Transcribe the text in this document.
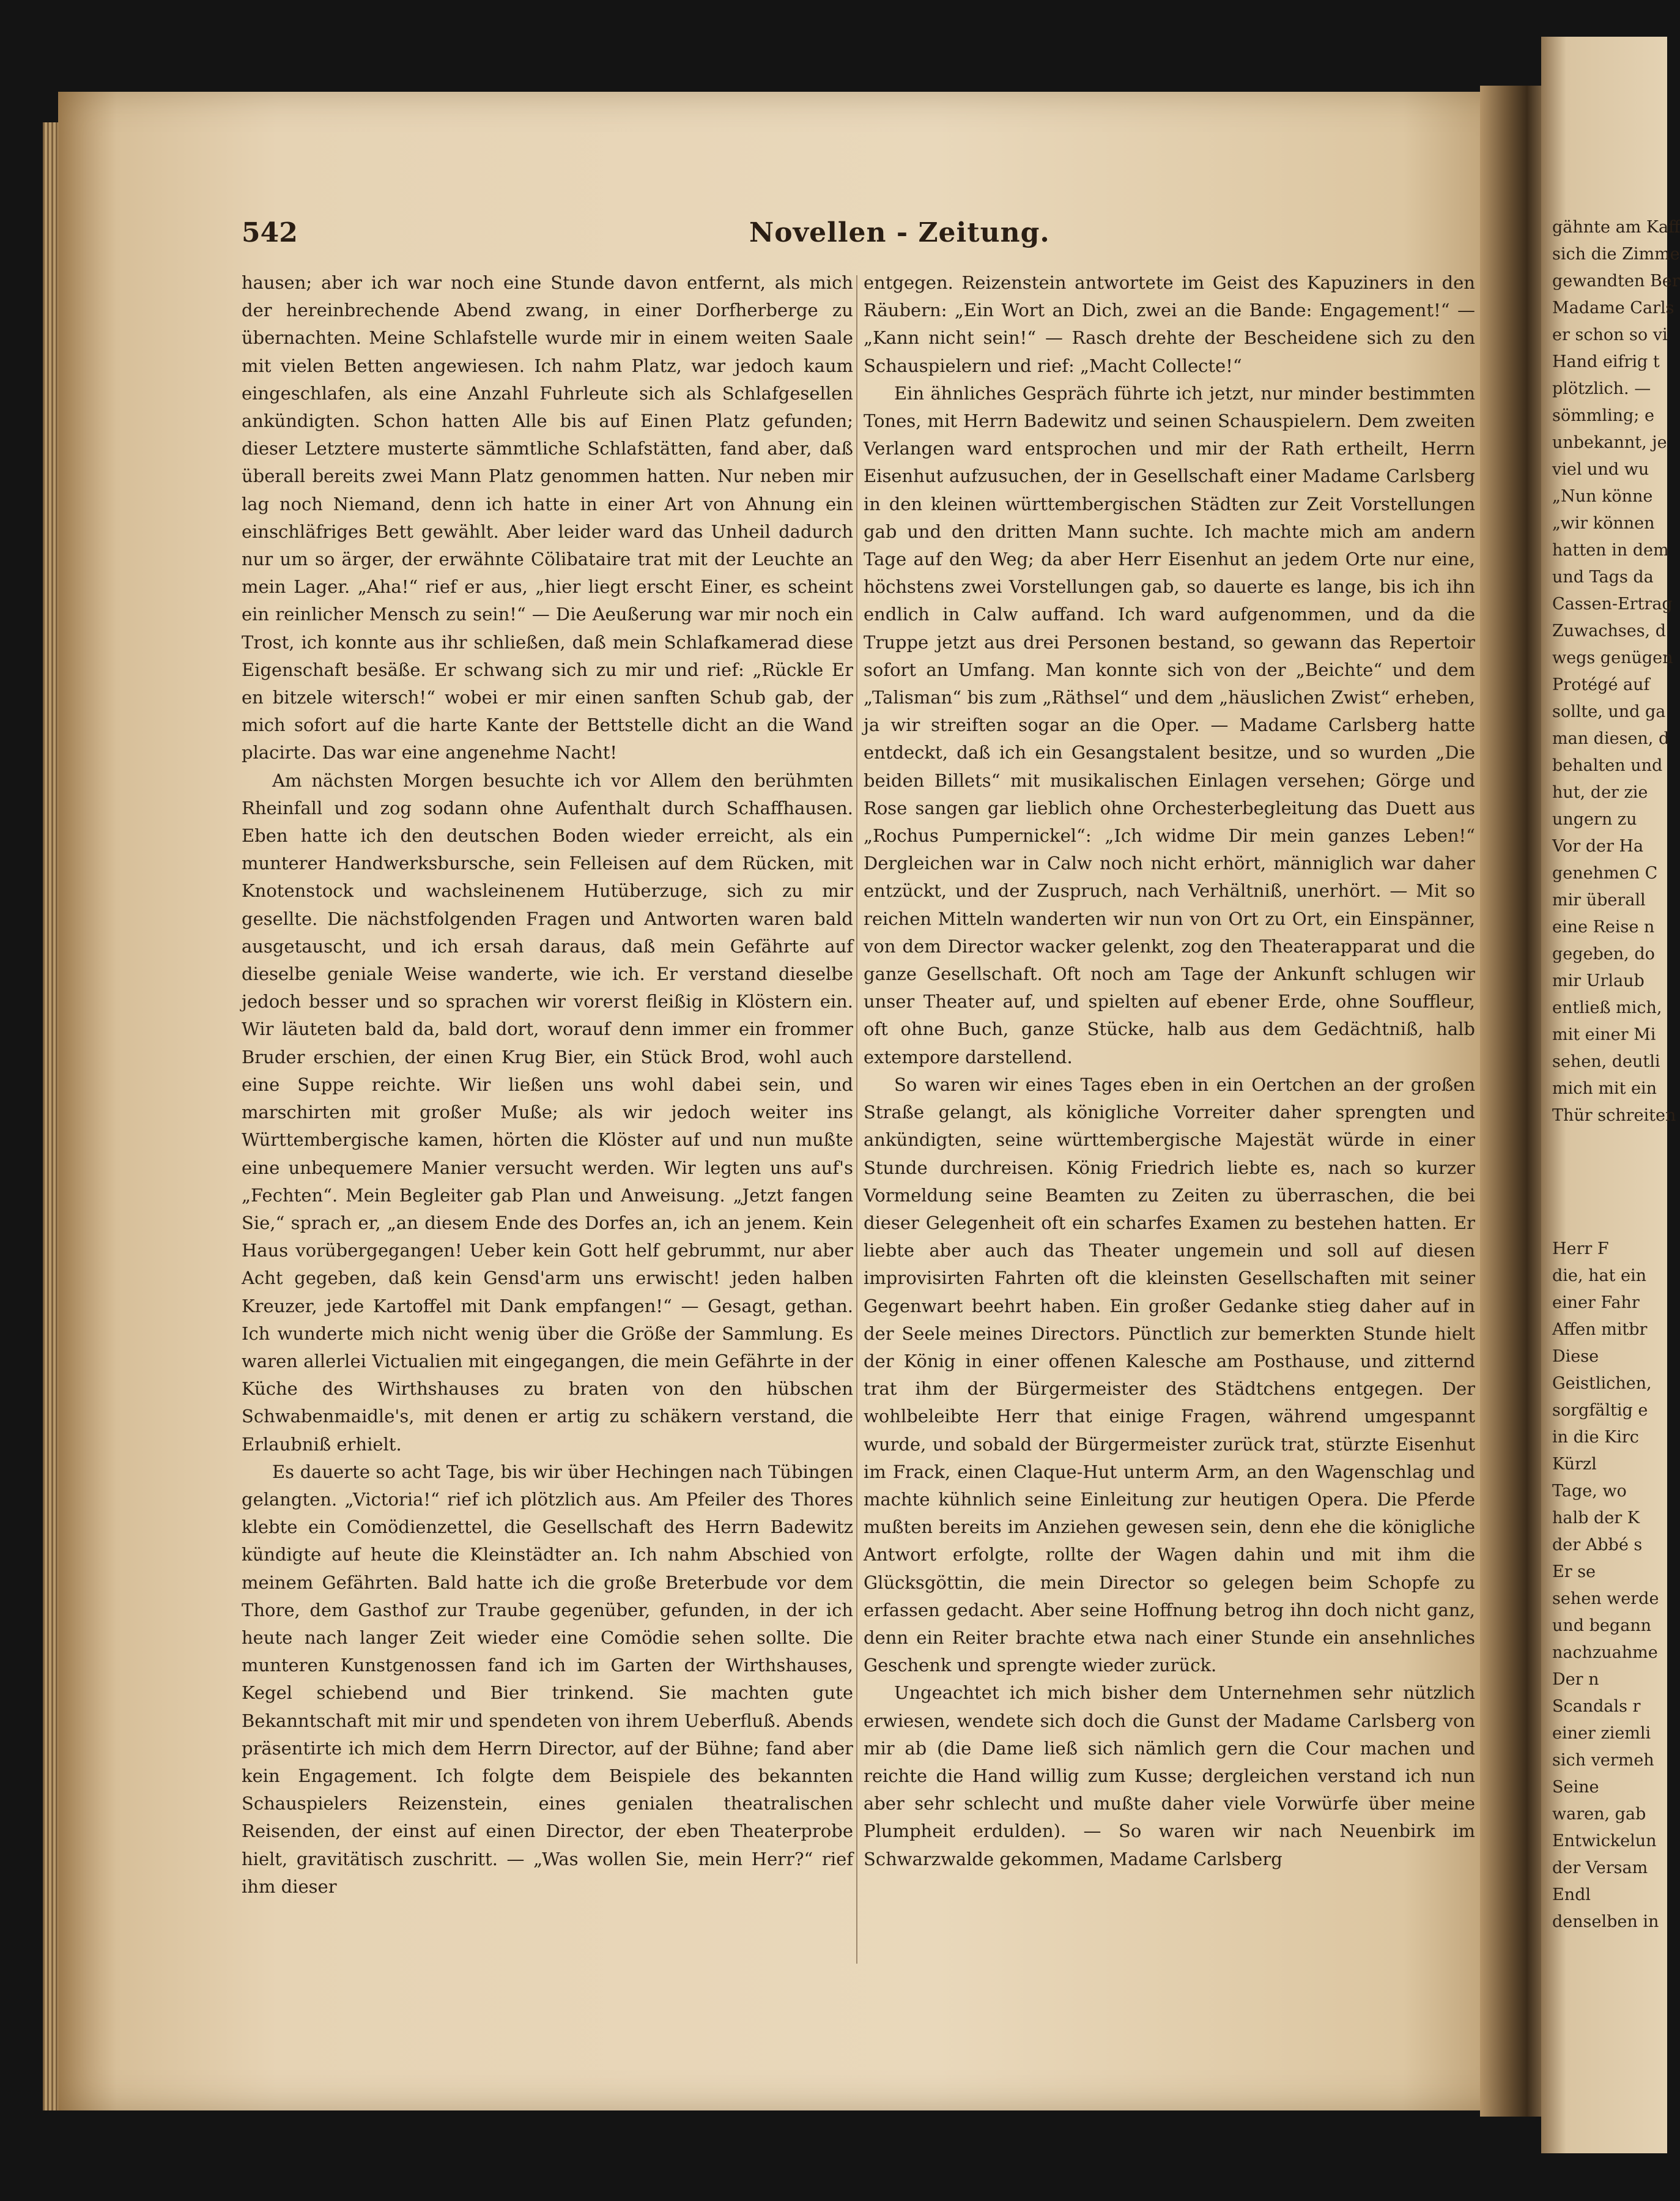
542	Novellen - Zeitung.

hausen; aber ich war noch eine Stunde davon entfernt, als mich der hereinbrechende Abend zwang, in einer Dorfherberge zu übernachten. Meine Schlafstelle wurde mir in einem weiten Saale mit vielen Betten angewiesen. Ich nahm Platz, war jedoch kaum eingeschlafen, als eine Anzahl Fuhrleute sich als Schlafgesellen ankündigten. Schon hatten Alle bis auf Einen Platz gefunden; dieser Letztere musterte sämmtliche Schlafstätten, fand aber, daß überall bereits zwei Mann Platz genommen hatten. Nur neben mir lag noch Niemand, denn ich hatte in einer Art von Ahnung ein einschläfriges Bett gewählt. Aber leider ward das Unheil dadurch nur um so ärger, der erwähnte Cölibataire trat mit der Leuchte an mein Lager. „Aha!“ rief er aus, „hier liegt erscht Einer, es scheint ein reinlicher Mensch zu sein!“ — Die Aeußerung war mir noch ein Trost, ich konnte aus ihr schließen, daß mein Schlafkamerad diese Eigenschaft besäße. Er schwang sich zu mir und rief: „Rückle Er en bitzele witersch!“ wobei er mir einen sanften Schub gab, der mich sofort auf die harte Kante der Bettstelle dicht an die Wand placirte. Das war eine angenehme Nacht!

Am nächsten Morgen besuchte ich vor Allem den berühmten Rheinfall und zog sodann ohne Aufenthalt durch Schaffhausen. Eben hatte ich den deutschen Boden wieder erreicht, als ein munterer Handwerksbursche, sein Felleisen auf dem Rücken, mit Knotenstock und wachsleinenem Hutüberzuge, sich zu mir gesellte. Die nächstfolgenden Fragen und Antworten waren bald ausgetauscht, und ich ersah daraus, daß mein Gefährte auf dieselbe geniale Weise wanderte, wie ich. Er verstand dieselbe jedoch besser und so sprachen wir vorerst fleißig in Klöstern ein. Wir läuteten bald da, bald dort, worauf denn immer ein frommer Bruder erschien, der einen Krug Bier, ein Stück Brod, wohl auch eine Suppe reichte. Wir ließen uns wohl dabei sein, und marschirten mit großer Muße; als wir jedoch weiter ins Württembergische kamen, hörten die Klöster auf und nun mußte eine unbequemere Manier versucht werden. Wir legten uns auf's „Fechten“. Mein Begleiter gab Plan und Anweisung. „Jetzt fangen Sie,“ sprach er, „an diesem Ende des Dorfes an, ich an jenem. Kein Haus vorübergegangen! Ueber kein Gott helf gebrummt, nur aber Acht gegeben, daß kein Gensd'arm uns erwischt! jeden halben Kreuzer, jede Kartoffel mit Dank empfangen!“ — Gesagt, gethan. Ich wunderte mich nicht wenig über die Größe der Sammlung. Es waren allerlei Victualien mit eingegangen, die mein Gefährte in der Küche des Wirthshauses zu braten von den hübschen Schwabenmaidle's, mit denen er artig zu schäkern verstand, die Erlaubniß erhielt.

Es dauerte so acht Tage, bis wir über Hechingen nach Tübingen gelangten. „Victoria!“ rief ich plötzlich aus. Am Pfeiler des Thores klebte ein Comödienzettel, die Gesellschaft des Herrn Badewitz kündigte auf heute die Kleinstädter an. Ich nahm Abschied von meinem Gefährten. Bald hatte ich die große Breterbude vor dem Thore, dem Gasthof zur Traube gegenüber, gefunden, in der ich heute nach langer Zeit wieder eine Comödie sehen sollte. Die munteren Kunstgenossen fand ich im Garten der Wirthshauses, Kegel schiebend und Bier trinkend. Sie machten gute Bekanntschaft mit mir und spendeten von ihrem Ueberfluß. Abends präsentirte ich mich dem Herrn Director, auf der Bühne; fand aber kein Engagement. Ich folgte dem Beispiele des bekannten Schauspielers Reizenstein, eines genialen theatralischen Reisenden, der einst auf einen Director, der eben Theaterprobe hielt, gravitätisch zuschritt. — „Was wollen Sie, mein Herr?“ rief ihm dieser

entgegen. Reizenstein antwortete im Geist des Kapuziners in den Räubern: „Ein Wort an Dich, zwei an die Bande: Engagement!“ — „Kann nicht sein!“ — Rasch drehte der Bescheidene sich zu den Schauspielern und rief: „Macht Collecte!“

Ein ähnliches Gespräch führte ich jetzt, nur minder bestimmten Tones, mit Herrn Badewitz und seinen Schauspielern. Dem zweiten Verlangen ward entsprochen und mir der Rath ertheilt, Herrn Eisenhut aufzusuchen, der in Gesellschaft einer Madame Carlsberg in den kleinen württembergischen Städten zur Zeit Vorstellungen gab und den dritten Mann suchte. Ich machte mich am andern Tage auf den Weg; da aber Herr Eisenhut an jedem Orte nur eine, höchstens zwei Vorstellungen gab, so dauerte es lange, bis ich ihn endlich in Calw auffand. Ich ward aufgenommen, und da die Truppe jetzt aus drei Personen bestand, so gewann das Repertoir sofort an Umfang. Man konnte sich von der „Beichte“ und dem „Talisman“ bis zum „Räthsel“ und dem „häuslichen Zwist“ erheben, ja wir streiften sogar an die Oper. — Madame Carlsberg hatte entdeckt, daß ich ein Gesangstalent besitze, und so wurden „Die beiden Billets“ mit musikalischen Einlagen versehen; Görge und Rose sangen gar lieblich ohne Orchesterbegleitung das Duett aus „Rochus Pumpernickel“: „Ich widme Dir mein ganzes Leben!“ Dergleichen war in Calw noch nicht erhört, männiglich war daher entzückt, und der Zuspruch, nach Verhältniß, unerhört. — Mit so reichen Mitteln wanderten wir nun von Ort zu Ort, ein Einspänner, von dem Director wacker gelenkt, zog den Theaterapparat und die ganze Gesellschaft. Oft noch am Tage der Ankunft schlugen wir unser Theater auf, und spielten auf ebener Erde, ohne Souffleur, oft ohne Buch, ganze Stücke, halb aus dem Gedächtniß, halb extempore darstellend.

So waren wir eines Tages eben in ein Oertchen an der großen Straße gelangt, als königliche Vorreiter daher sprengten und ankündigten, seine württembergische Majestät würde in einer Stunde durchreisen. König Friedrich liebte es, nach so kurzer Vormeldung seine Beamten zu Zeiten zu überraschen, die bei dieser Gelegenheit oft ein scharfes Examen zu bestehen hatten. Er liebte aber auch das Theater ungemein und soll auf diesen improvisirten Fahrten oft die kleinsten Gesellschaften mit seiner Gegenwart beehrt haben. Ein großer Gedanke stieg daher auf in der Seele meines Directors. Pünctlich zur bemerkten Stunde hielt der König in einer offenen Kalesche am Posthause, und zitternd trat ihm der Bürgermeister des Städtchens entgegen. Der wohlbeleibte Herr that einige Fragen, während umgespannt wurde, und sobald der Bürgermeister zurück trat, stürzte Eisenhut im Frack, einen Claque-Hut unterm Arm, an den Wagenschlag und machte kühnlich seine Einleitung zur heutigen Opera. Die Pferde mußten bereits im Anziehen gewesen sein, denn ehe die königliche Antwort erfolgte, rollte der Wagen dahin und mit ihm die Glücksgöttin, die mein Director so gelegen beim Schopfe zu erfassen gedacht. Aber seine Hoffnung betrog ihn doch nicht ganz, denn ein Reiter brachte etwa nach einer Stunde ein ansehnliches Geschenk und sprengte wieder zurück.

Ungeachtet ich mich bisher dem Unternehmen sehr nützlich erwiesen, wendete sich doch die Gunst der Madame Carlsberg von mir ab (die Dame ließ sich nämlich gern die Cour machen und reichte die Hand willig zum Kusse; dergleichen verstand ich nun aber sehr schlecht und mußte daher viele Vorwürfe über meine Plumpheit erdulden). — So waren wir nach Neuenbirk im Schwarzwalde gekommen, Madame Carlsberg

gähnte am Kaff
sich die Zimme
gewandten Ber
Madame Carls
er schon so vi
Hand eifrig t
plötzlich. —
sömmling; e
unbekannt, je
viel und wu
„Nun könne
„wir können
hatten in dem
und Tags da
Cassen-Ertrag
Zuwachses, d
wegs genügen
Protégé auf
sollte, und ga
man diesen, d
behalten und
hut, der zie
ungern zu
Vor der Ha
genehmen C
mir überall
eine Reise n
gegeben, do
mir Urlaub
entließ mich,
mit einer Mi
sehen, deutli
mich mit ein
Thür schreiten
Herr F
die, hat ein
einer Fahr
Affen mitbr
Diese
Geistlichen,
sorgfältig e
in die Kirc
Kürzl
Tage, wo
halb der K
der Abbé s
Er se
sehen werde
und begann
nachzuahme
Der n
Scandals r
einer ziemli
sich vermeh
Seine
waren, gab
Entwickelun
der Versam
Endl
denselben in
